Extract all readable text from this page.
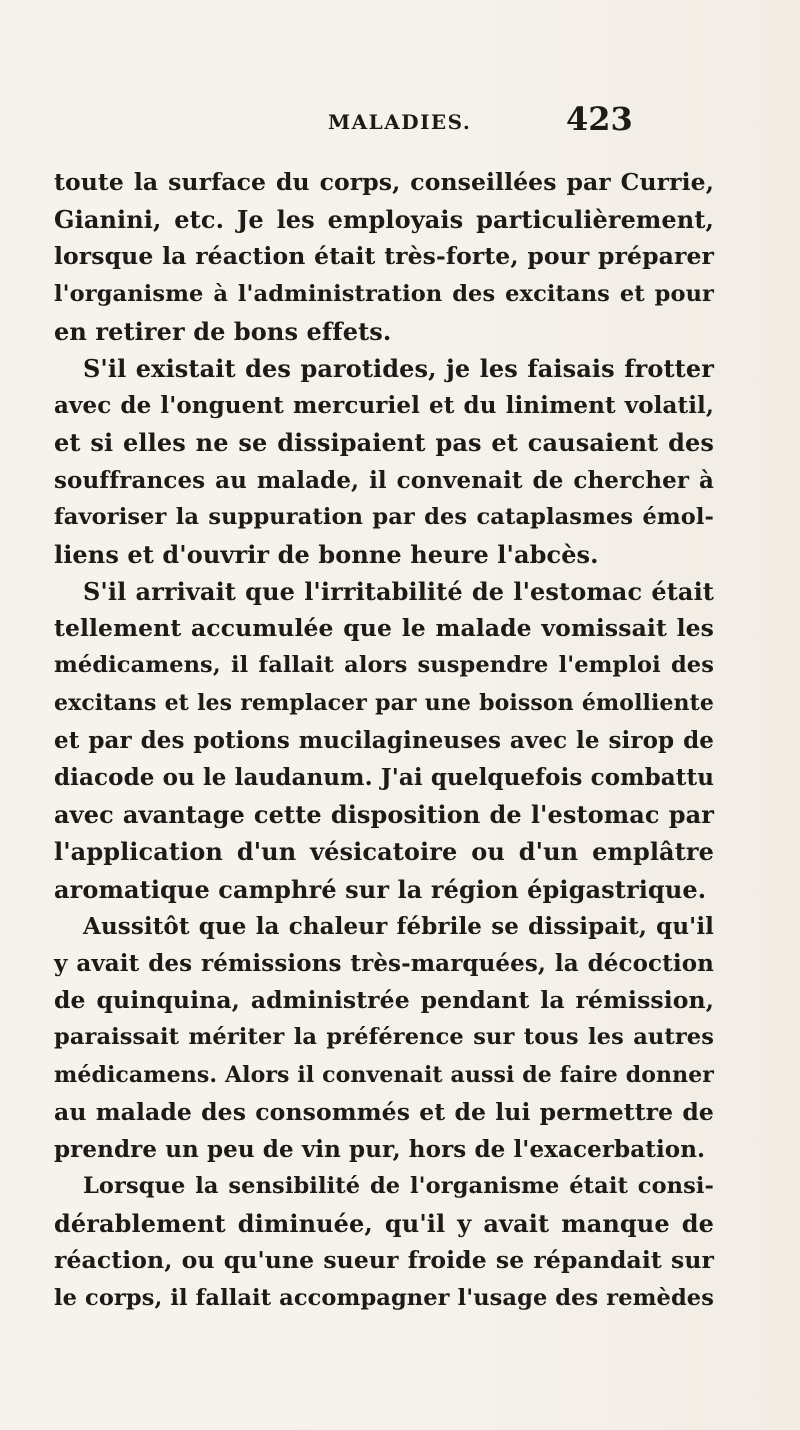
MALADIES.	423
toute la surface du corps, conseillées par Currie,
Gianini, etc. Je les employais particulièrement,
lorsque la réaction était très-forte, pour préparer
l'organisme à l'administration des excitans et pour
en retirer de bons effets.
S'il existait des parotides, je les faisais frotter
avec de l'onguent mercuriel et du liniment volatil,
et si elles ne se dissipaient pas et causaient des
souffrances au malade, il convenait de chercher à
favoriser la suppuration par des cataplasmes émol-
liens et d'ouvrir de bonne heure l'abcès.
S'il arrivait que l'irritabilité de l'estomac était
tellement accumulée que le malade vomissait les
médicamens, il fallait alors suspendre l'emploi des
excitans et les remplacer par une boisson émolliente
et par des potions mucilagineuses avec le sirop de
diacode ou le laudanum. J'ai quelquefois combattu
avec avantage cette disposition de l'estomac par
l'application d'un vésicatoire ou d'un emplâtre
aromatique camphré sur la région épigastrique.
Aussitôt que la chaleur fébrile se dissipait, qu'il
y avait des rémissions très-marquées, la décoction
de quinquina, administrée pendant la rémission,
paraissait mériter la préférence sur tous les autres
médicamens. Alors il convenait aussi de faire donner
au malade des consommés et de lui permettre de
prendre un peu de vin pur, hors de l'exacerbation.
Lorsque la sensibilité de l'organisme était consi-
dérablement diminuée, qu'il y avait manque de
réaction, ou qu'une sueur froide se répandait sur
le corps, il fallait accompagner l'usage des remèdes
